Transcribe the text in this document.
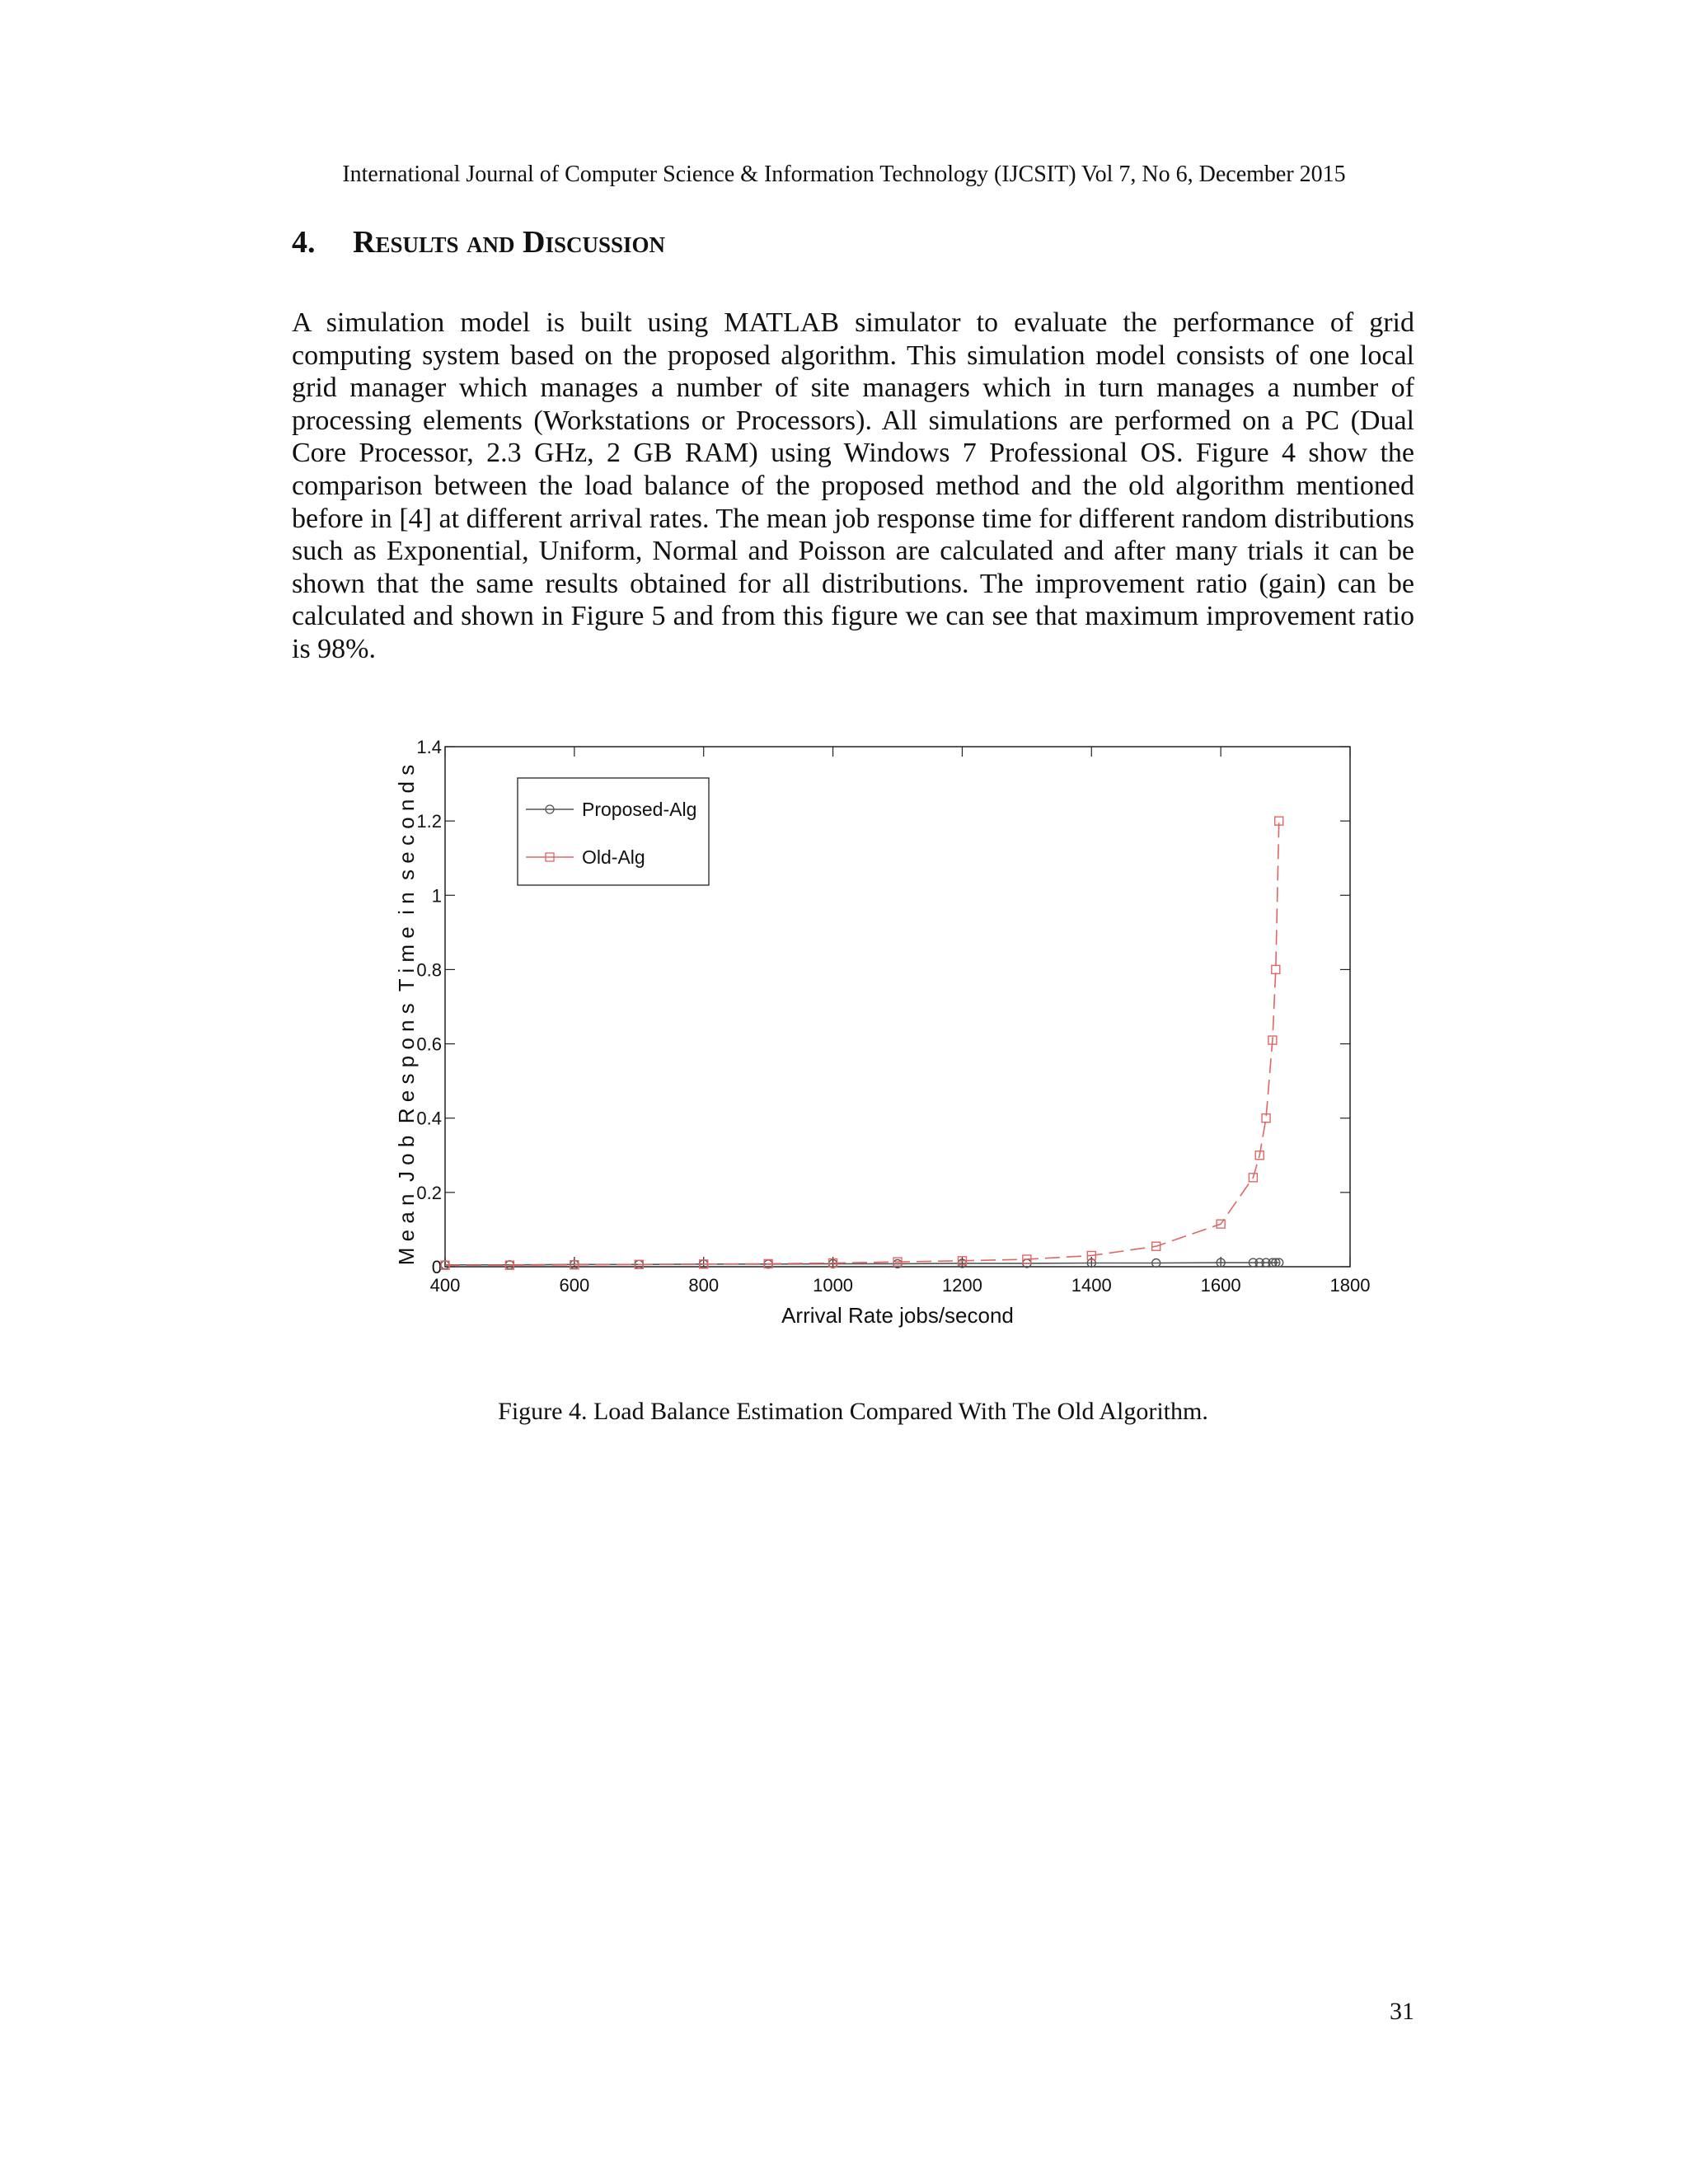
International Journal of Computer Science & Information Technology (IJCSIT) Vol 7, No 6, December 2015
4.	Results and Discussion
A simulation model is built using MATLAB simulator to evaluate the performance of grid computing system based on the proposed algorithm. This simulation model consists of one local grid manager which manages a number of site managers which in turn manages a number of processing elements (Workstations or Processors). All simulations are performed on a PC (Dual Core Processor, 2.3 GHz, 2 GB RAM) using Windows 7 Professional OS. Figure 4 show the comparison between the load balance of the proposed method and the old algorithm mentioned before in [4] at different arrival rates. The mean job response time for different random distributions such as Exponential, Uniform, Normal and Poisson are calculated and after many trials it can be shown that the same results obtained for all distributions. The improvement ratio (gain) can be calculated and shown in Figure 5 and from this figure we can see that maximum improvement ratio is 98%.
400	600	800	1000	1200	1400	1600	1800
0
0.2
0.4
0.6
0.8
1
1.2
1.4
Proposed-Alg
Old-Alg
Arrival Rate jobs/second
M e a n  J o b  R e s p o n s  T i m e  i n  s e c o n d s
Figure 4. Load Balance Estimation Compared With The Old Algorithm.
31
